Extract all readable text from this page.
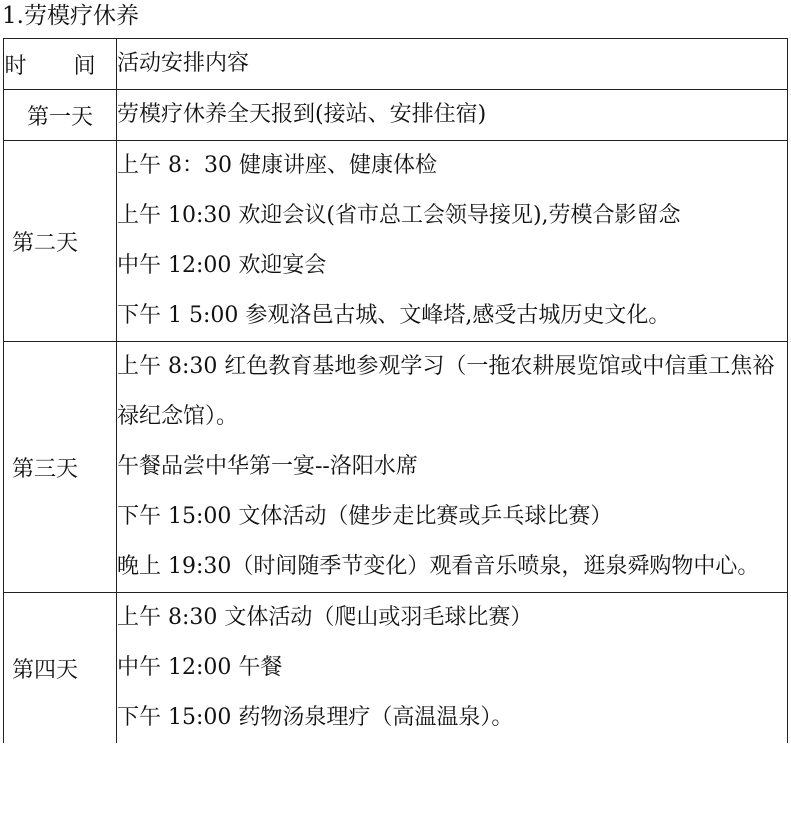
1.劳模疗休养
时 间	活动安排内容

第一天	劳模疗休养全天报到(接站、安排住宿)

第二天	上午 8：30 健康讲座、健康体检
上午 10:30 欢迎会议(省市总工会领导接见),劳模合影留念
中午 12:00 欢迎宴会
下午 1 5:00 参观洛邑古城、文峰塔,感受古城历史文化。

第三天	上午 8:30 红色教育基地参观学习（一拖农耕展览馆或中信重工焦裕禄纪念馆）。
午餐品尝中华第一宴--洛阳水席
下午 15:00 文体活动（健步走比赛或乒乓球比赛）
晚上 19:30（时间随季节变化）观看音乐喷泉，逛泉舜购物中心。

第四天	上午 8:30 文体活动（爬山或羽毛球比赛）
中午 12:00 午餐
下午 15:00 药物汤泉理疗（高温温泉）。
